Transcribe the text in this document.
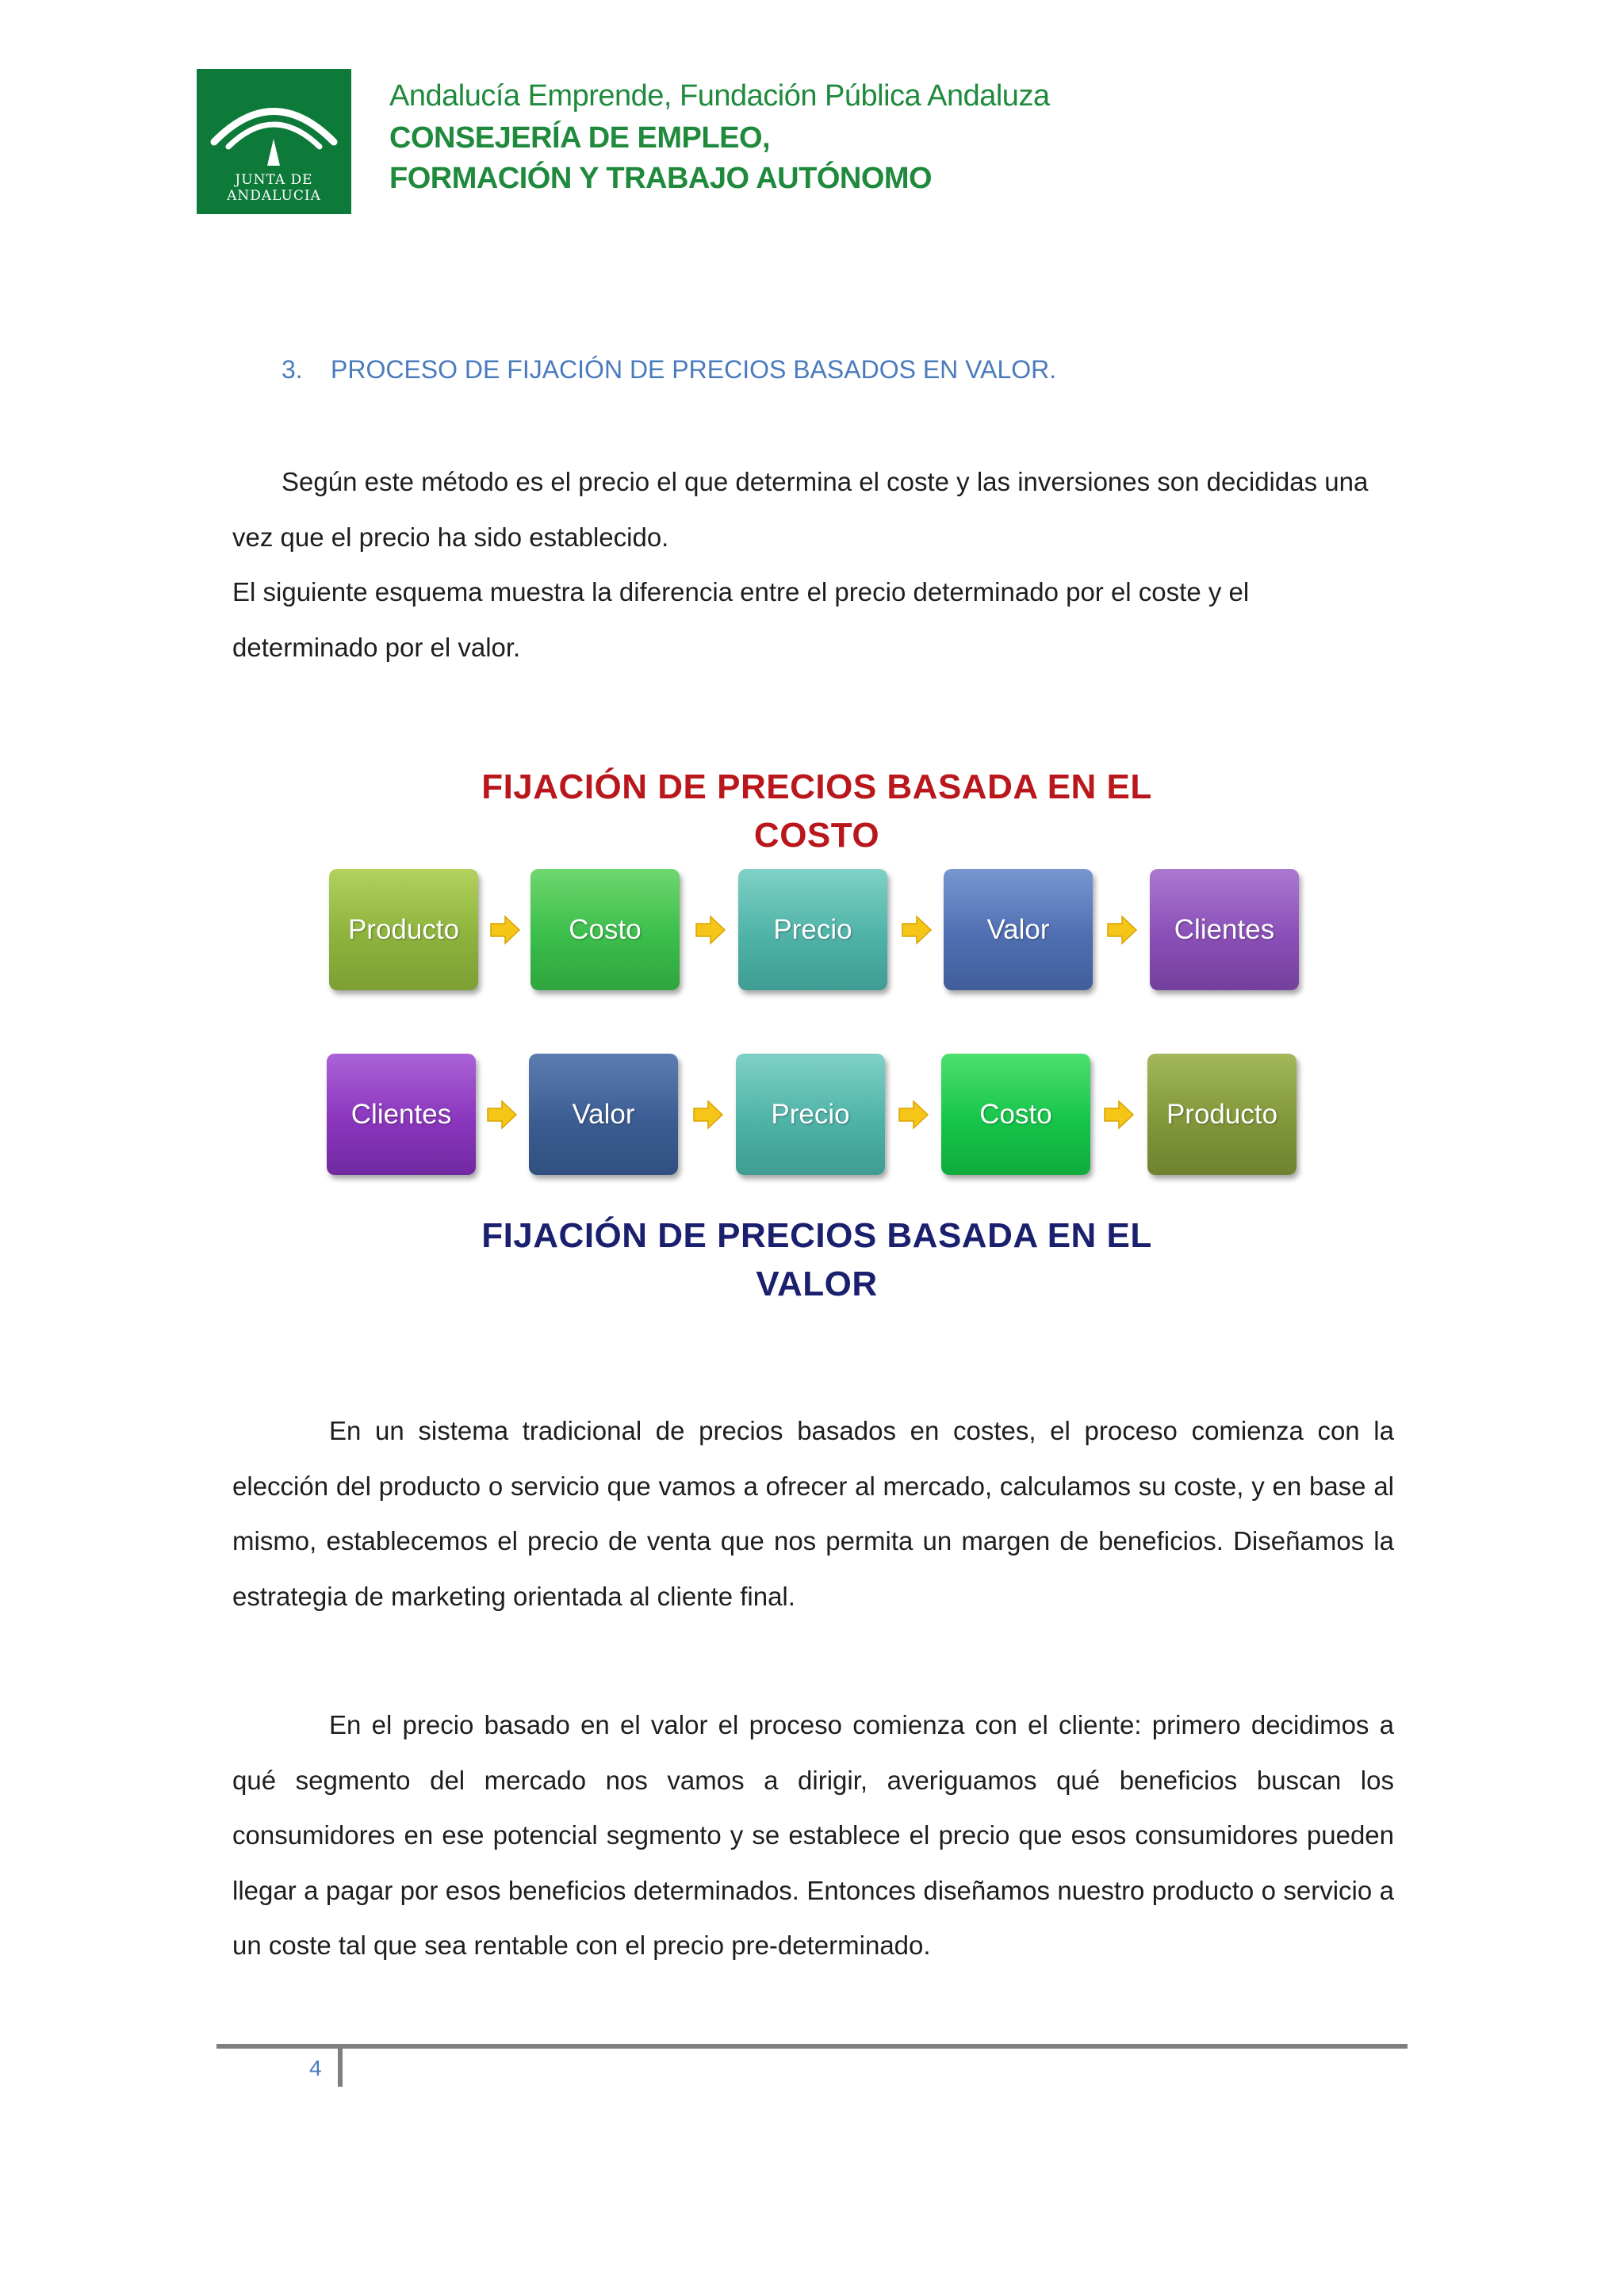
JUNTA DE ANDALUCIA
Andalucía Emprende, Fundación Pública Andaluza
CONSEJERÍA DE EMPLEO,
FORMACIÓN Y TRABAJO AUTÓNOMO
3. PROCESO DE FIJACIÓN DE PRECIOS BASADOS EN VALOR.
Según este método es el precio el que determina el coste y las inversiones son decididas una vez que el precio ha sido establecido.
El siguiente esquema muestra la diferencia entre el precio determinado por el coste y el determinado por el valor.
FIJACIÓN DE PRECIOS BASADA EN EL
COSTO
Producto	Costo	Precio	Valor	Clientes
Clientes	Valor	Precio	Costo	Producto
FIJACIÓN DE PRECIOS BASADA EN EL
VALOR
En un sistema tradicional de precios basados en costes, el proceso comienza con la elección del producto o servicio que vamos a ofrecer al mercado, calculamos su coste, y en base al mismo, establecemos el precio de venta que nos permita un margen de beneficios. Diseñamos la estrategia de marketing orientada al cliente final.
En el precio basado en el valor el proceso comienza con el cliente: primero decidimos a qué segmento del mercado nos vamos a dirigir, averiguamos qué beneficios buscan los consumidores en ese potencial segmento y se establece el precio que esos consumidores pueden llegar a pagar por esos beneficios determinados. Entonces diseñamos nuestro producto o servicio a un coste tal que sea rentable con el precio pre-determinado.
4
